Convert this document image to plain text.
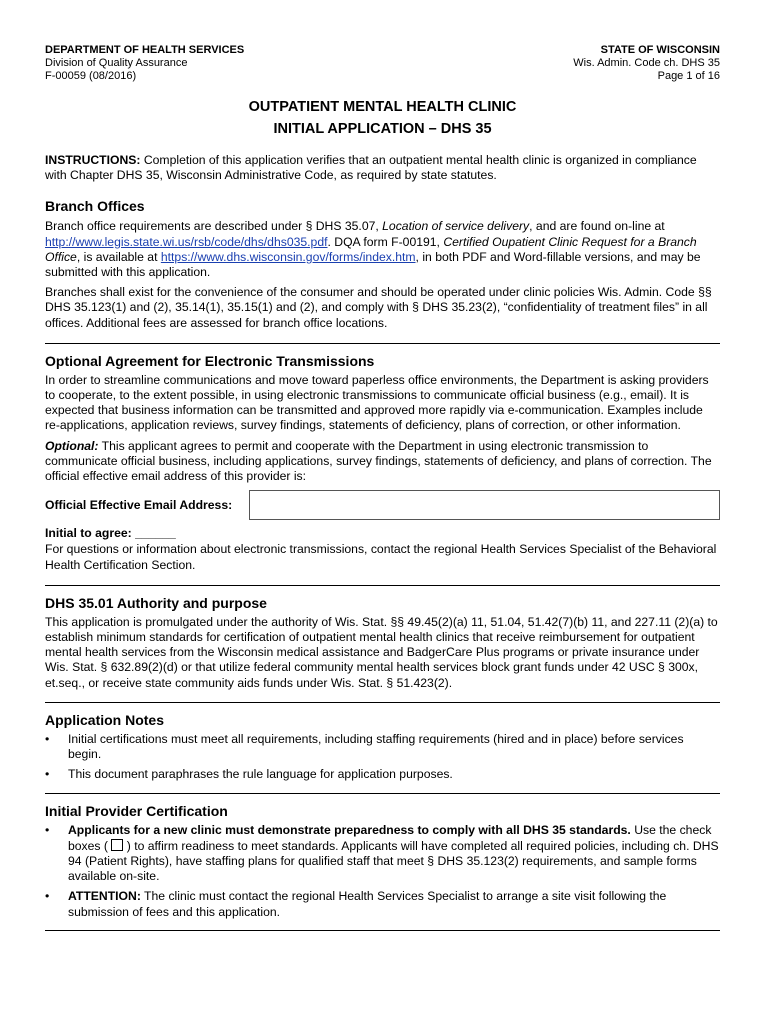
DEPARTMENT OF HEALTH SERVICES
Division of Quality Assurance
F-00059 (08/2016)
STATE OF WISCONSIN
Wis. Admin. Code ch. DHS 35
Page 1 of 16
OUTPATIENT MENTAL HEALTH CLINIC
INITIAL APPLICATION – DHS 35

INSTRUCTIONS: Completion of this application verifies that an outpatient mental health clinic is organized in compliance with Chapter DHS 35, Wisconsin Administrative Code, as required by state statutes.

Branch Offices

Branch office requirements are described under § DHS 35.07, Location of service delivery, and are found on-line at http://www.legis.state.wi.us/rsb/code/dhs/dhs035.pdf. DQA form F-00191, Certified Oupatient Clinic Request for a Branch Office, is available at https://www.dhs.wisconsin.gov/forms/index.htm, in both PDF and Word-fillable versions, and may be submitted with this application.

Branches shall exist for the convenience of the consumer and should be operated under clinic policies Wis. Admin. Code §§ DHS 35.123(1) and (2), 35.14(1), 35.15(1) and (2), and comply with § DHS 35.23(2), “confidentiality of treatment files” in all offices. Additional fees are assessed for branch office locations.

Optional Agreement for Electronic Transmissions

In order to streamline communications and move toward paperless office environments, the Department is asking providers to cooperate, to the extent possible, in using electronic transmissions to communicate official business (e.g., email). It is expected that business information can be transmitted and approved more rapidly via e-communication. Examples include re-applications, application reviews, survey findings, statements of deficiency, plans of correction, or other information.

Optional: This applicant agrees to permit and cooperate with the Department in using electronic transmission to communicate official business, including applications, survey findings, statements of deficiency, and plans of correction. The official effective email address of this provider is:

Official Effective Email Address:

Initial to agree: ______

For questions or information about electronic transmissions, contact the regional Health Services Specialist of the Behavioral Health Certification Section.

DHS 35.01 Authority and purpose

This application is promulgated under the authority of Wis. Stat. §§ 49.45(2)(a) 11, 51.04, 51.42(7)(b) 11, and 227.11 (2)(a) to establish minimum standards for certification of outpatient mental health clinics that receive reimbursement for outpatient mental health services from the Wisconsin medical assistance and BadgerCare Plus programs or private insurance under Wis. Stat. § 632.89(2)(d) or that utilize federal community mental health services block grant funds under 42 USC § 300x, et.seq., or receive state community aids funds under Wis. Stat. § 51.423(2).

Application Notes
• Initial certifications must meet all requirements, including staffing requirements (hired and in place) before services begin.
• This document paraphrases the rule language for application purposes.
Initial Provider Certification
• Applicants for a new clinic must demonstrate preparedness to comply with all DHS 35 standards. Use the check boxes (  ) to affirm readiness to meet standards. Applicants will have completed all required policies, including ch. DHS 94 (Patient Rights), have staffing plans for qualified staff that meet § DHS 35.123(2) requirements, and sample forms available on-site.
• ATTENTION: The clinic must contact the regional Health Services Specialist to arrange a site visit following the submission of fees and this application.
